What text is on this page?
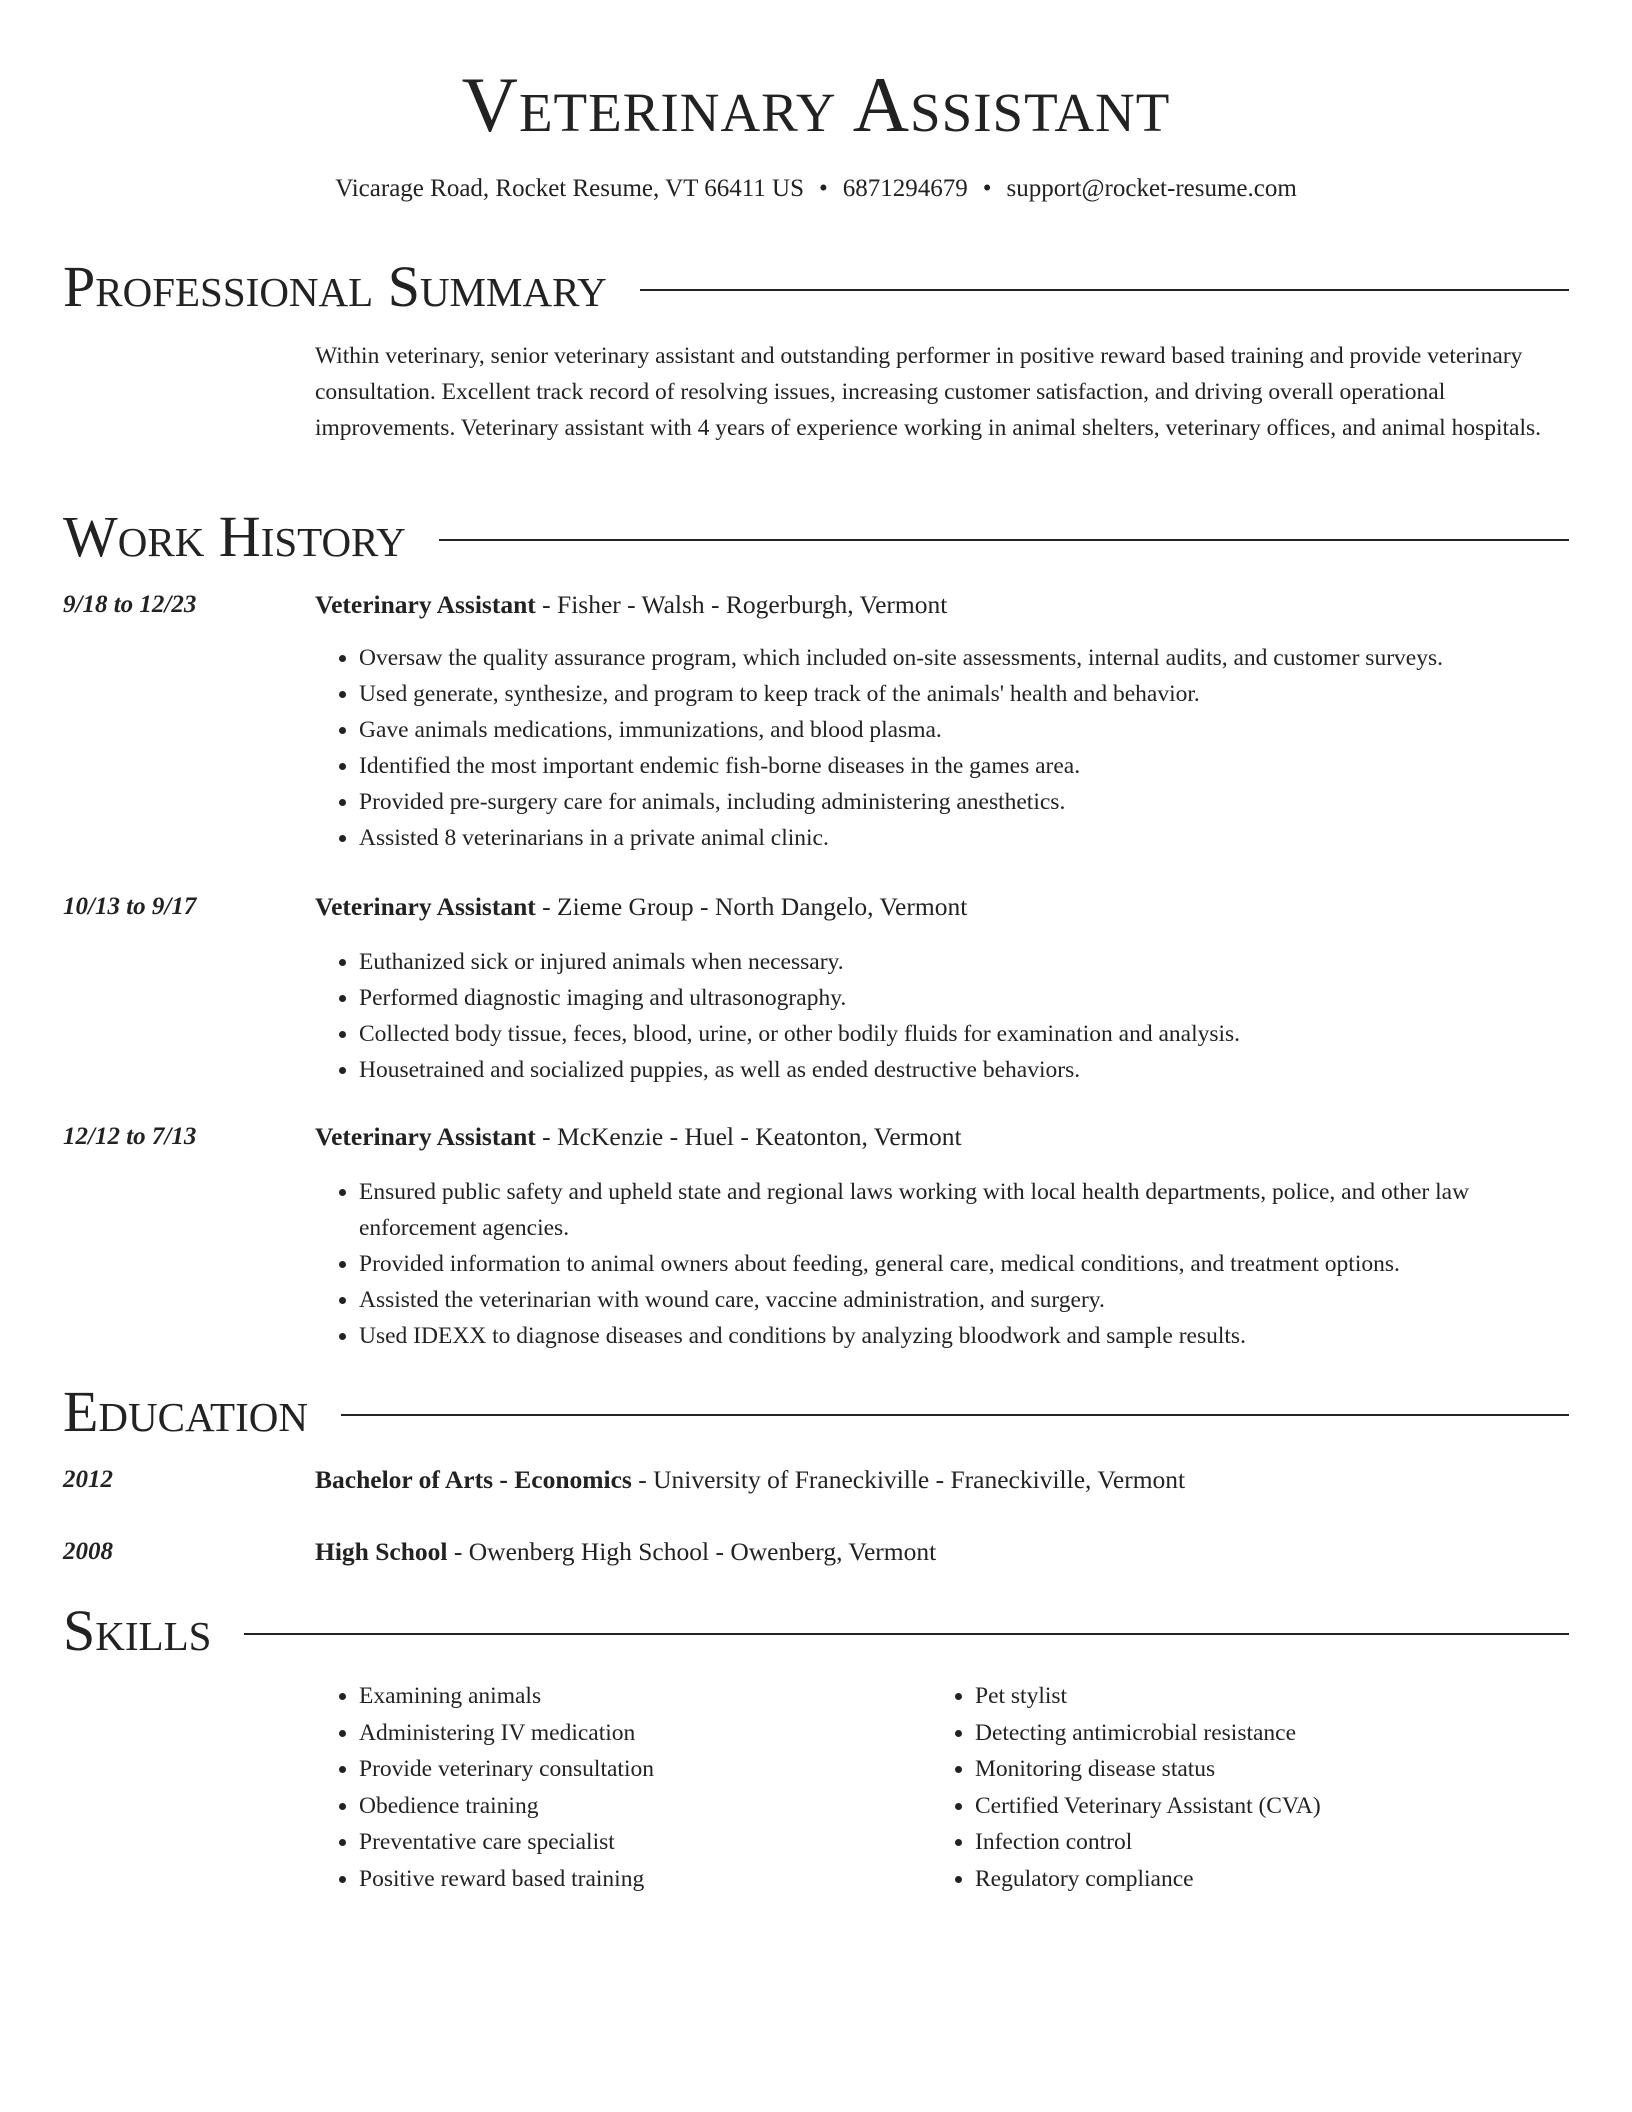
Veterinary Assistant
Vicarage Road, Rocket Resume, VT 66411 US • 6871294679 • support@rocket-resume.com
Professional Summary

Within veterinary, senior veterinary assistant and outstanding performer in positive reward based training and provide veterinary consultation. Excellent track record of resolving issues, increasing customer satisfaction, and driving overall operational improvements. Veterinary assistant with 4 years of experience working in animal shelters, veterinary offices, and animal hospitals.

Work History
9/18 to 12/23	Veterinary Assistant - Fisher - Walsh - Rogerburgh, Vermont
• Oversaw the quality assurance program, which included on-site assessments, internal audits, and customer surveys.
• Used generate, synthesize, and program to keep track of the animals' health and behavior.
• Gave animals medications, immunizations, and blood plasma.
• Identified the most important endemic fish-borne diseases in the games area.
• Provided pre-surgery care for animals, including administering anesthetics.
• Assisted 8 veterinarians in a private animal clinic.
10/13 to 9/17	Veterinary Assistant - Zieme Group - North Dangelo, Vermont
• Euthanized sick or injured animals when necessary.
• Performed diagnostic imaging and ultrasonography.
• Collected body tissue, feces, blood, urine, or other bodily fluids for examination and analysis.
• Housetrained and socialized puppies, as well as ended destructive behaviors.
12/12 to 7/13	Veterinary Assistant - McKenzie - Huel - Keatonton, Vermont
• Ensured public safety and upheld state and regional laws working with local health departments, police, and other law enforcement agencies.
• Provided information to animal owners about feeding, general care, medical conditions, and treatment options.
• Assisted the veterinarian with wound care, vaccine administration, and surgery.
• Used IDEXX to diagnose diseases and conditions by analyzing bloodwork and sample results.
Education
2012	Bachelor of Arts - Economics - University of Franeckiville - Franeckiville, Vermont
2008	High School - Owenberg High School - Owenberg, Vermont
Skills
• Examining animals
• Administering IV medication
• Provide veterinary consultation
• Obedience training
• Preventative care specialist
• Positive reward based training
• Pet stylist
• Detecting antimicrobial resistance
• Monitoring disease status
• Certified Veterinary Assistant (CVA)
• Infection control
• Regulatory compliance
